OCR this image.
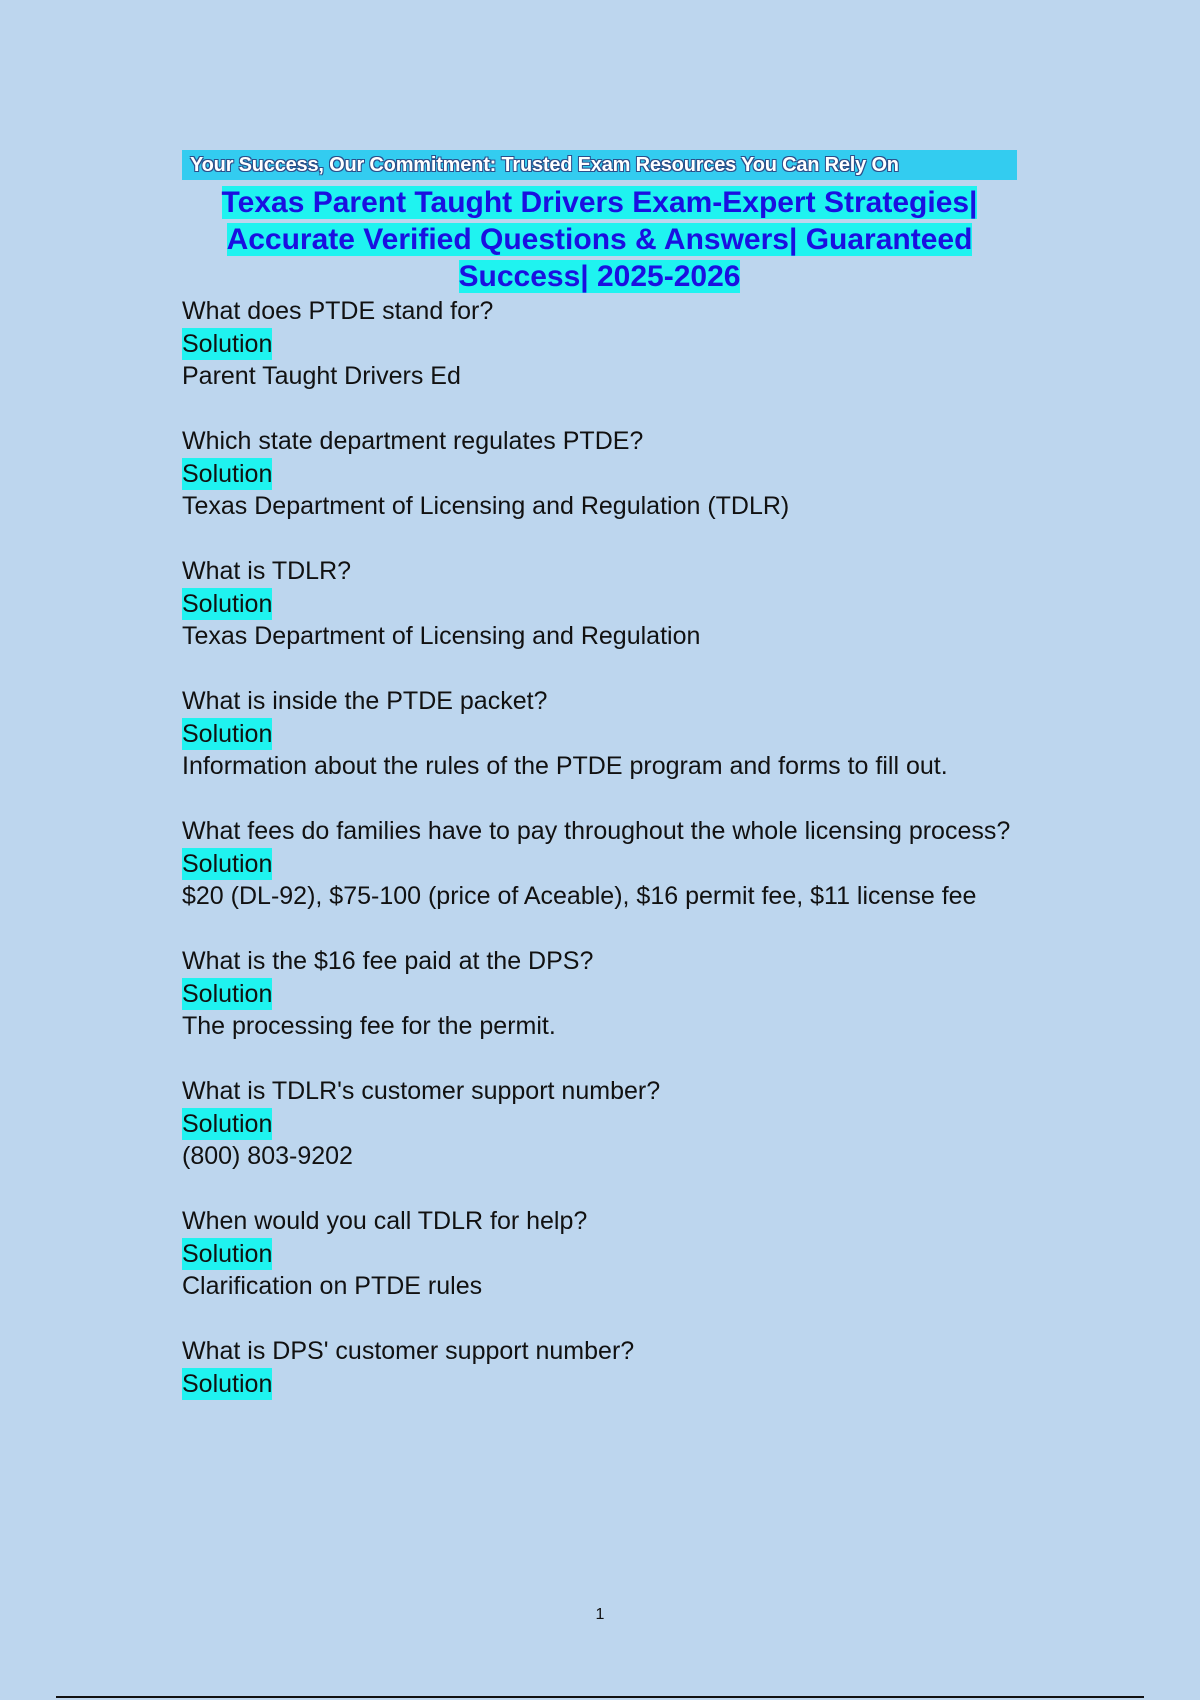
Your Success, Our Commitment: Trusted Exam Resources You Can Rely On
Texas Parent Taught Drivers Exam-Expert Strategies| Accurate Verified Questions & Answers| Guaranteed Success| 2025-2026
What does PTDE stand for?
Solution
Parent Taught Drivers Ed
Which state department regulates PTDE?
Solution
Texas Department of Licensing and Regulation (TDLR)
What is TDLR?
Solution
Texas Department of Licensing and Regulation
What is inside the PTDE packet?
Solution
Information about the rules of the PTDE program and forms to fill out.
What fees do families have to pay throughout the whole licensing process?
Solution
$20 (DL-92), $75-100 (price of Aceable), $16 permit fee, $11 license fee
What is the $16 fee paid at the DPS?
Solution
The processing fee for the permit.
What is TDLR's customer support number?
Solution
(800) 803-9202
When would you call TDLR for help?
Solution
Clarification on PTDE rules
What is DPS' customer support number?
Solution
1
